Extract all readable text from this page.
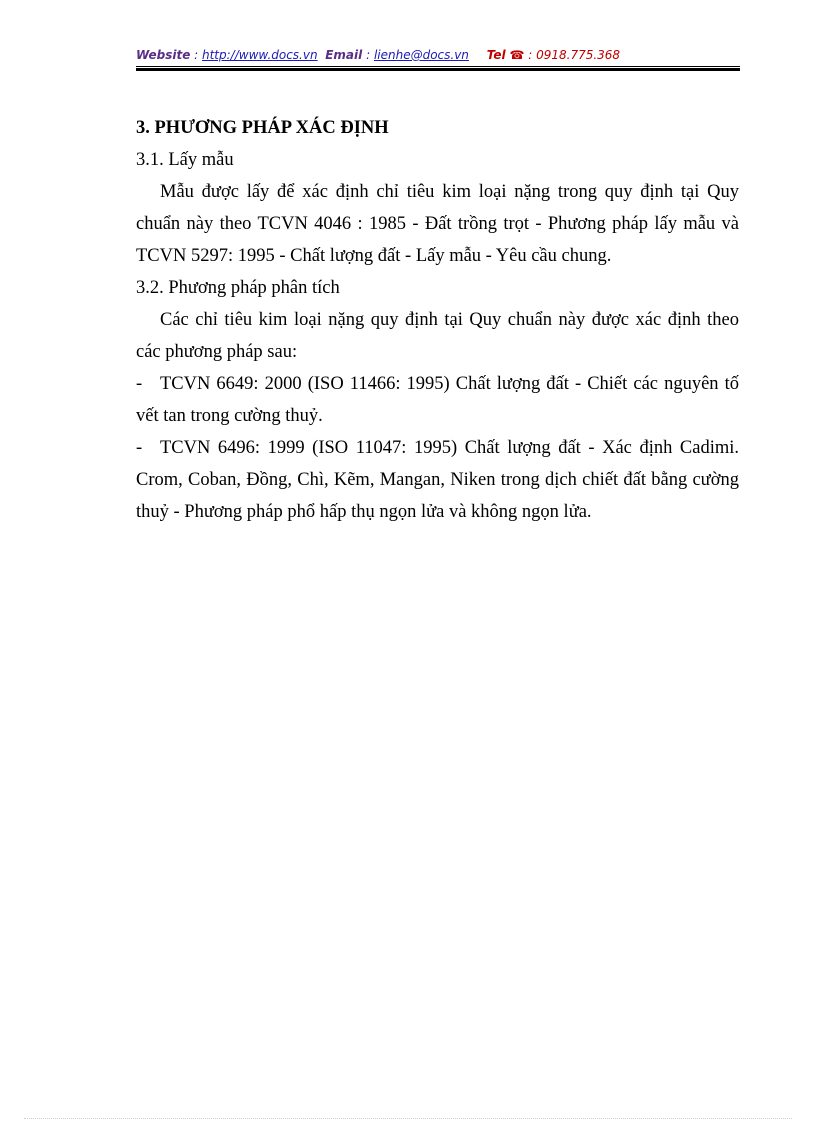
Website : http://www.docs.vn Email : lienhe@docs.vn Tel ☎ : 0918.775.368

3. PHƯƠNG PHÁP XÁC ĐỊNH

3.1. Lấy mẫu

Mẫu được lấy để xác định chỉ tiêu kim loại nặng trong quy định tại Quy chuẩn này theo TCVN 4046 : 1985 - Đất trồng trọt - Phương pháp lấy mẫu và TCVN 5297: 1995 - Chất lượng đất - Lấy mẫu - Yêu cầu chung.

3.2. Phương pháp phân tích

Các chỉ tiêu kim loại nặng quy định tại Quy chuẩn này được xác định theo các phương pháp sau:

- TCVN 6649: 2000 (ISO 11466: 1995) Chất lượng đất - Chiết các nguyên tố vết tan trong cường thuỷ.

- TCVN 6496: 1999 (ISO 11047: 1995) Chất lượng đất - Xác định Cadimi. Crom, Coban, Đồng, Chì, Kẽm, Mangan, Niken trong dịch chiết đất bằng cường thuỷ - Phương pháp phổ hấp thụ ngọn lửa và không ngọn lửa.
